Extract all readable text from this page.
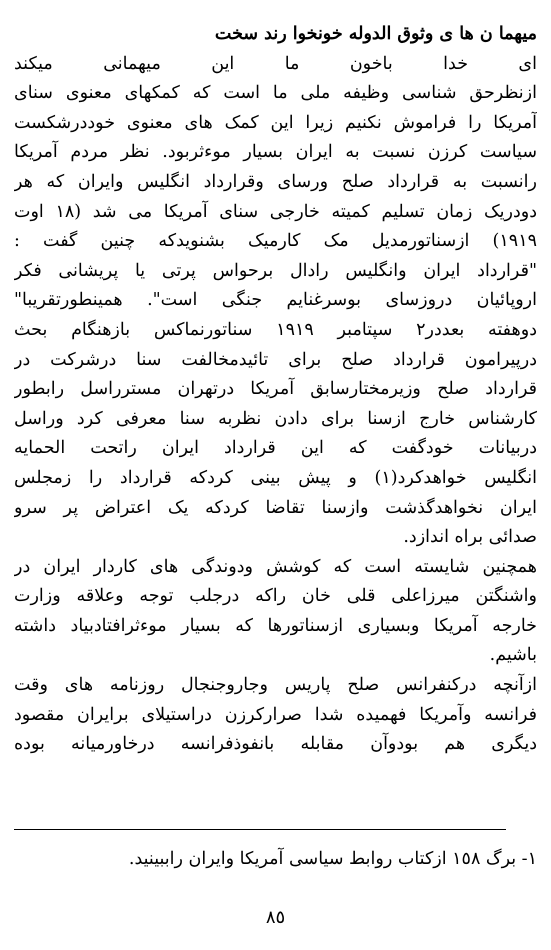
میهما ن ها ی وثوق الدوله خونخوا رند سخت
ای خدا باخون ما این میهمانی میکند
ازنظرحق شناسی وظیفه ملی ما است که کمکهای معنوی سنای
آمریکا را فراموش نکنیم زیرا این کمک های معنوی خوددرشکست
سیاست کرزن نسبت به ایران بسیار موءثربود. نظر مردم آمریکا
رانسبت به قرارداد صلح ورسای وقرارداد انگلیس وایران که هر
دودریک زمان تسلیم کمیته خارجی سنای آمریکا می شد (١٨ اوت
١٩١٩) ازسناتورمدیل مک کارمیک بشنویدکه چنین گفت :
"قرارداد ایران وانگلیس رادال برحواس پرتی یا پریشانی فکر
اروپائیان دروزسای بوسرغنایم جنگی است". همینطورتقریبا"
دوهفته بعددر٢ سپتامبر ١٩١٩ سناتورنماکس بازهنگام بحث
درپیرامون قرارداد صلح برای تائیدمخالفت سنا درشرکت در
قرارداد صلح وزیرمختارسابق آمریکا درتهران مسترراسل رابطور
کارشناس خارج ازسنا برای دادن نظربه سنا معرفی کرد وراسل
دربیانات خودگفت که این قرارداد ایران راتحت الحمایه
انگلیس خواهدکرد(١) و پیش بینی کردکه قرارداد را زمجلس
ایران نخواهدگذشت وازسنا تقاضا کردکه یک اعتراض پر سرو
صدائی براه اندازد.
همچنین شایسته است که کوشش ودوندگی های کاردار ایران در
واشنگتن میرزاعلی قلی خان راکه درجلب توجه وعلاقه وزارت
خارجه آمریکا وبسیاری ازسناتورها که بسیار موءثرافتادبیاد داشته
باشیم.
ازآنچه درکنفرانس صلح پاریس وجاروجنجال روزنامه های وقت
فرانسه وآمریکا فهمیده شدا صرارکرزن دراستیلای برایران مقصود
دیگری هم بودوآن مقابله بانفوذفرانسه درخاورمیانه بوده
١- برگ ١٥٨ ازکتاب روابط سیاسی آمریکا وایران راببینید.
٨٥
